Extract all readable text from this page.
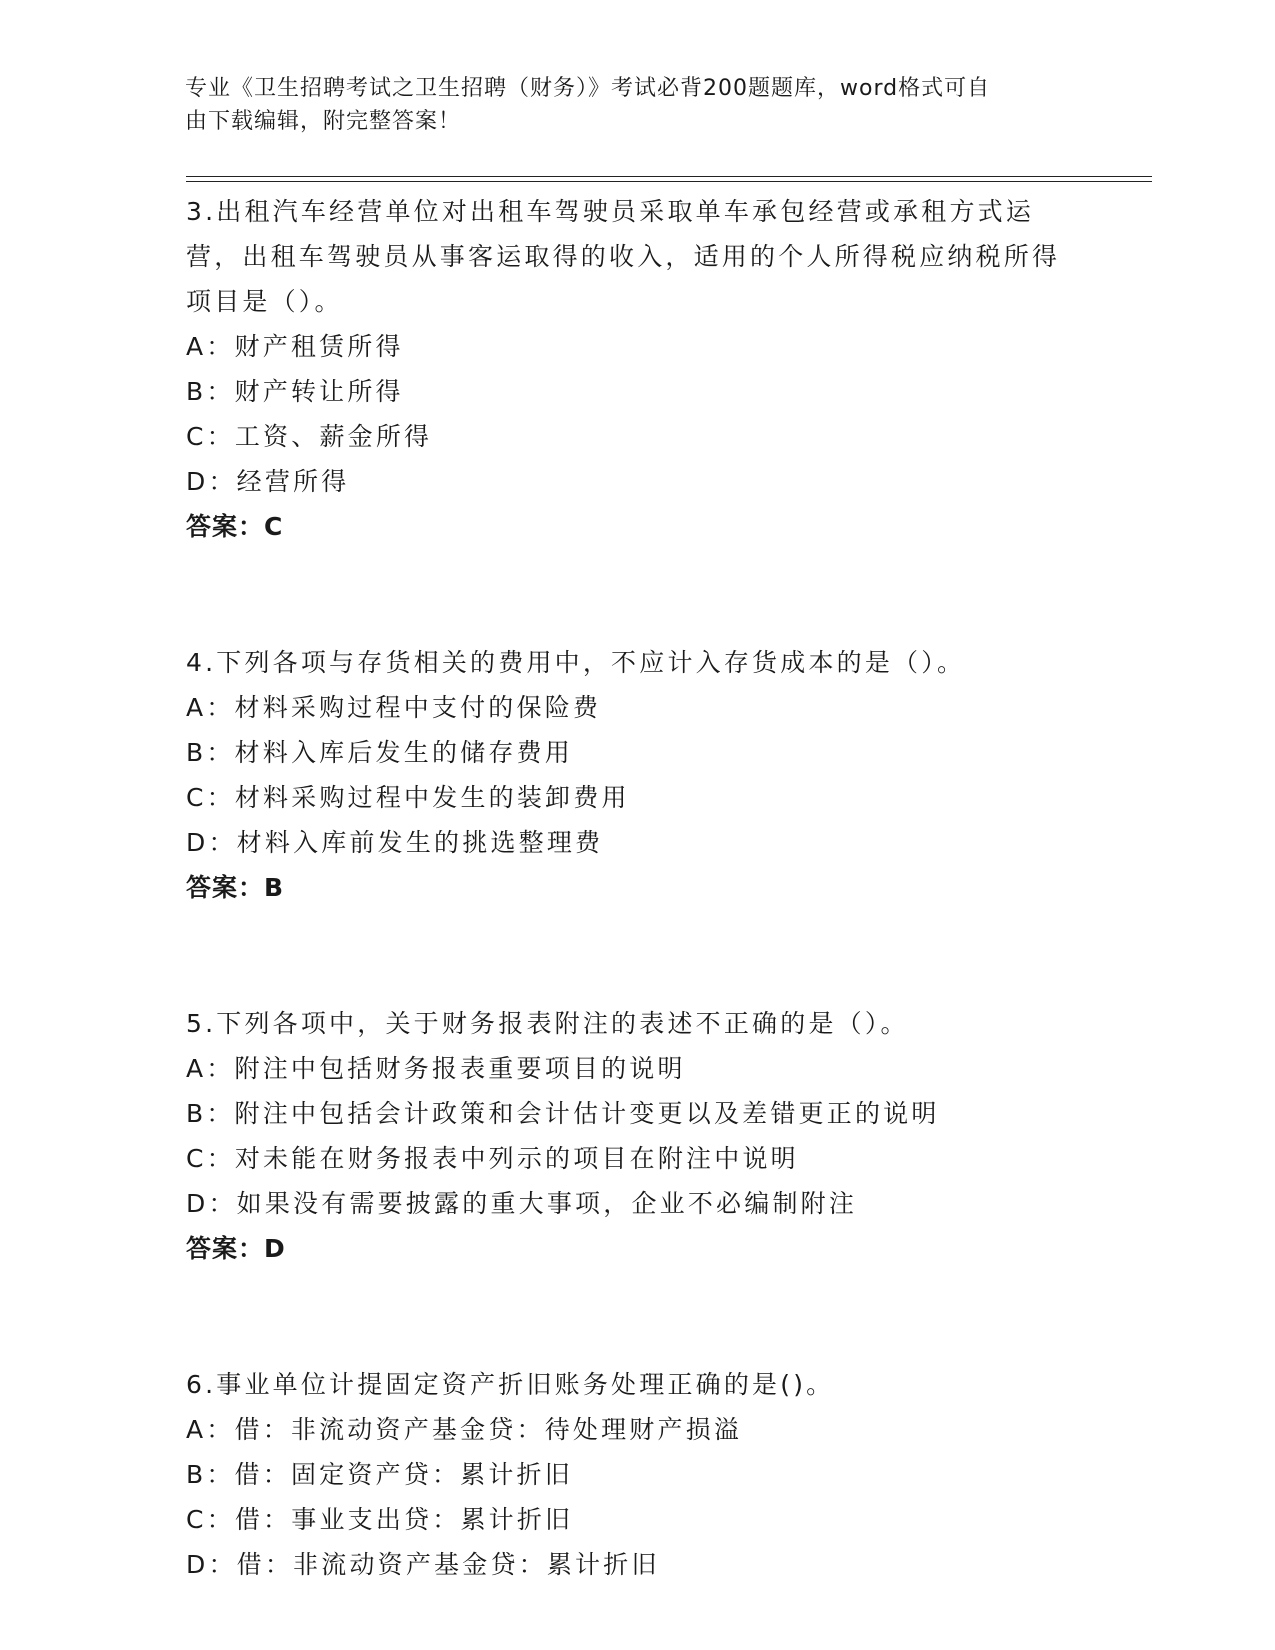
专业《卫生招聘考试之卫生招聘（财务）》考试必背200题题库，word格式可自
由下载编辑，附完整答案！

3.出租汽车经营单位对出租车驾驶员采取单车承包经营或承租方式运营，出租车驾驶员从事客运取得的收入，适用的个人所得税应纳税所得项目是（）。

A：财产租赁所得

B：财产转让所得

C：工资、薪金所得

D：经营所得

答案：C

4.下列各项与存货相关的费用中，不应计入存货成本的是（）。

A：材料采购过程中支付的保险费

B：材料入库后发生的储存费用

C：材料采购过程中发生的装卸费用

D：材料入库前发生的挑选整理费

答案：B

5.下列各项中，关于财务报表附注的表述不正确的是（）。

A：附注中包括财务报表重要项目的说明

B：附注中包括会计政策和会计估计变更以及差错更正的说明

C：对未能在财务报表中列示的项目在附注中说明

D：如果没有需要披露的重大事项，企业不必编制附注

答案：D

6.事业单位计提固定资产折旧账务处理正确的是()。

A：借：非流动资产基金贷：待处理财产损溢

B：借：固定资产贷：累计折旧

C：借：事业支出贷：累计折旧

D：借：非流动资产基金贷：累计折旧
